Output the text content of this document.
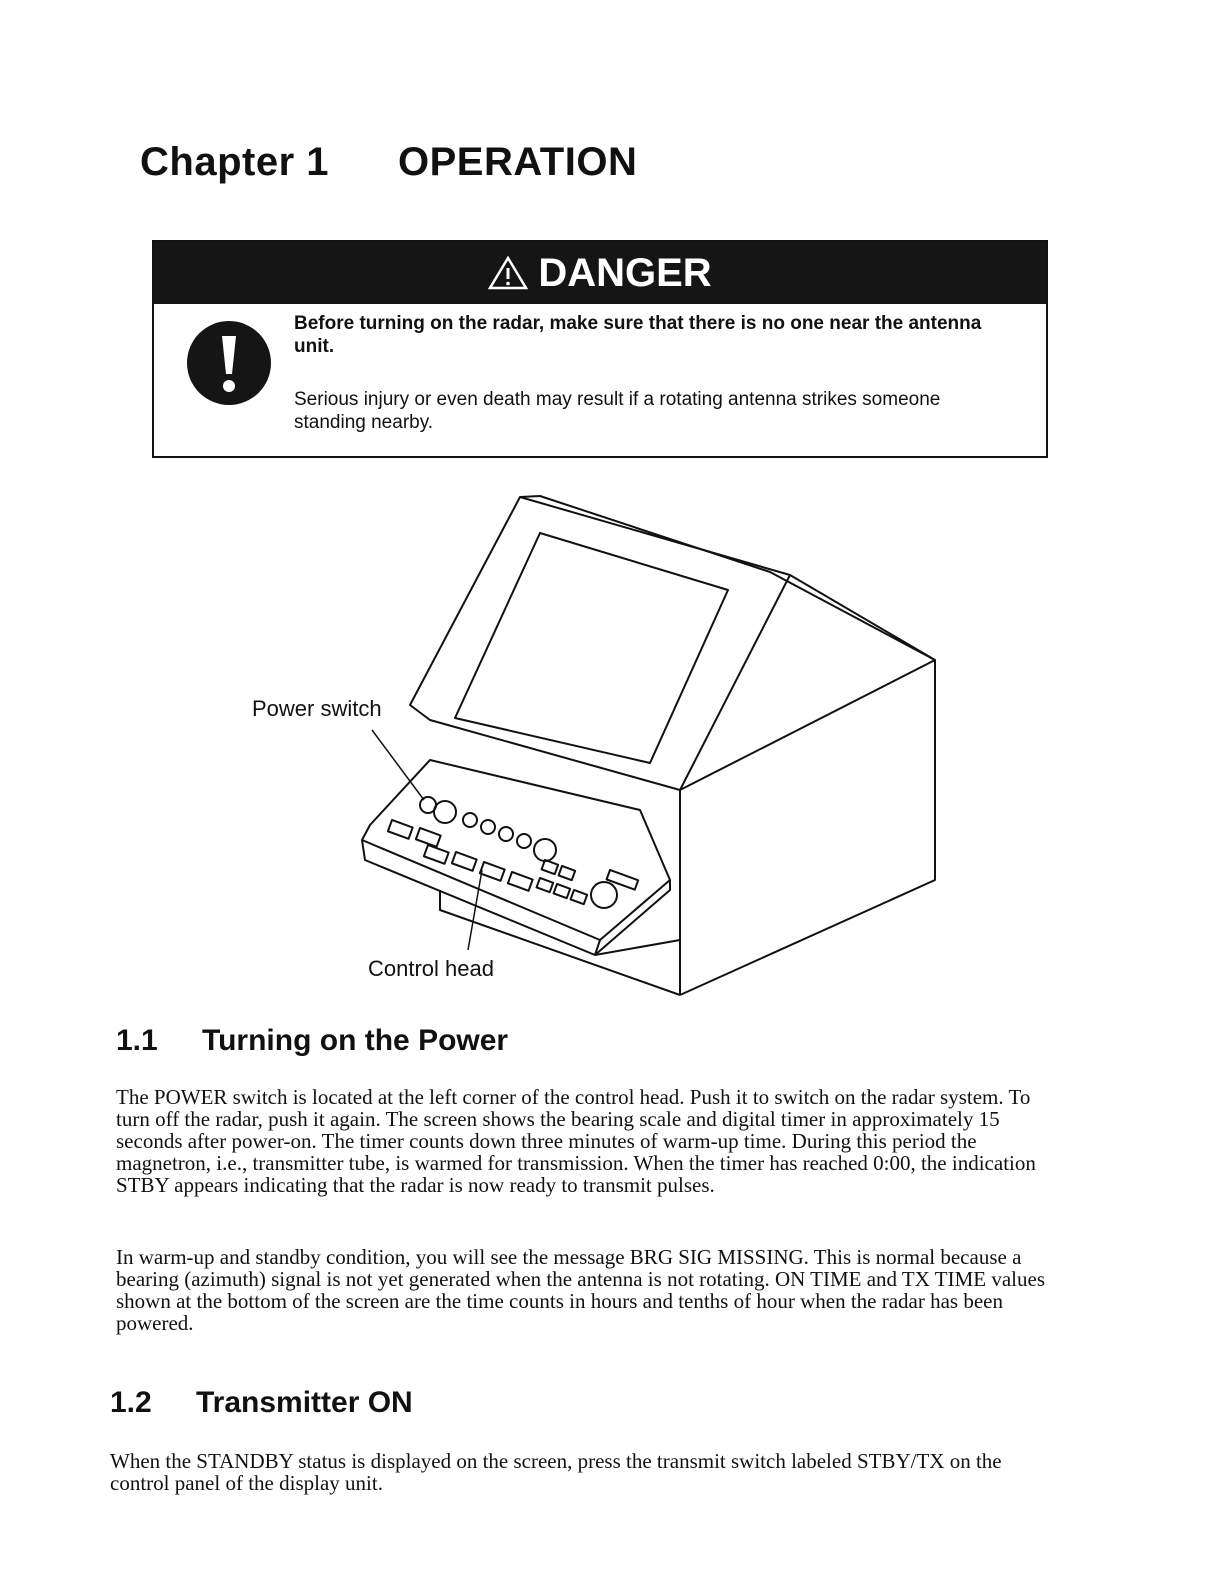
Chapter 1 OPERATION
DANGER
Before turning on the radar, make sure that there is no one near the antenna unit.
Serious injury or even death may result if a rotating antenna strikes someone standing nearby.
Power switch
Control head
1.1 Turning on the Power

The POWER switch is located at the left corner of the control head. Push it to switch on the radar system. To turn off the radar, push it again. The screen shows the bearing scale and digital timer in approximately 15 seconds after power-on. The timer counts down three minutes of warm-up time. During this period the magnetron, i.e., transmitter tube, is warmed for transmission. When the timer has reached 0:00, the indication STBY appears indicating that the radar is now ready to transmit pulses.

In warm-up and standby condition, you will see the message BRG SIG MISSING. This is normal because a bearing (azimuth) signal is not yet generated when the antenna is not rotating. ON TIME and TX TIME values shown at the bottom of the screen are the time counts in hours and tenths of hour when the radar has been powered.

1.2 Transmitter ON

When the STANDBY status is displayed on the screen, press the transmit switch labeled STBY/TX on the control panel of the display unit.
